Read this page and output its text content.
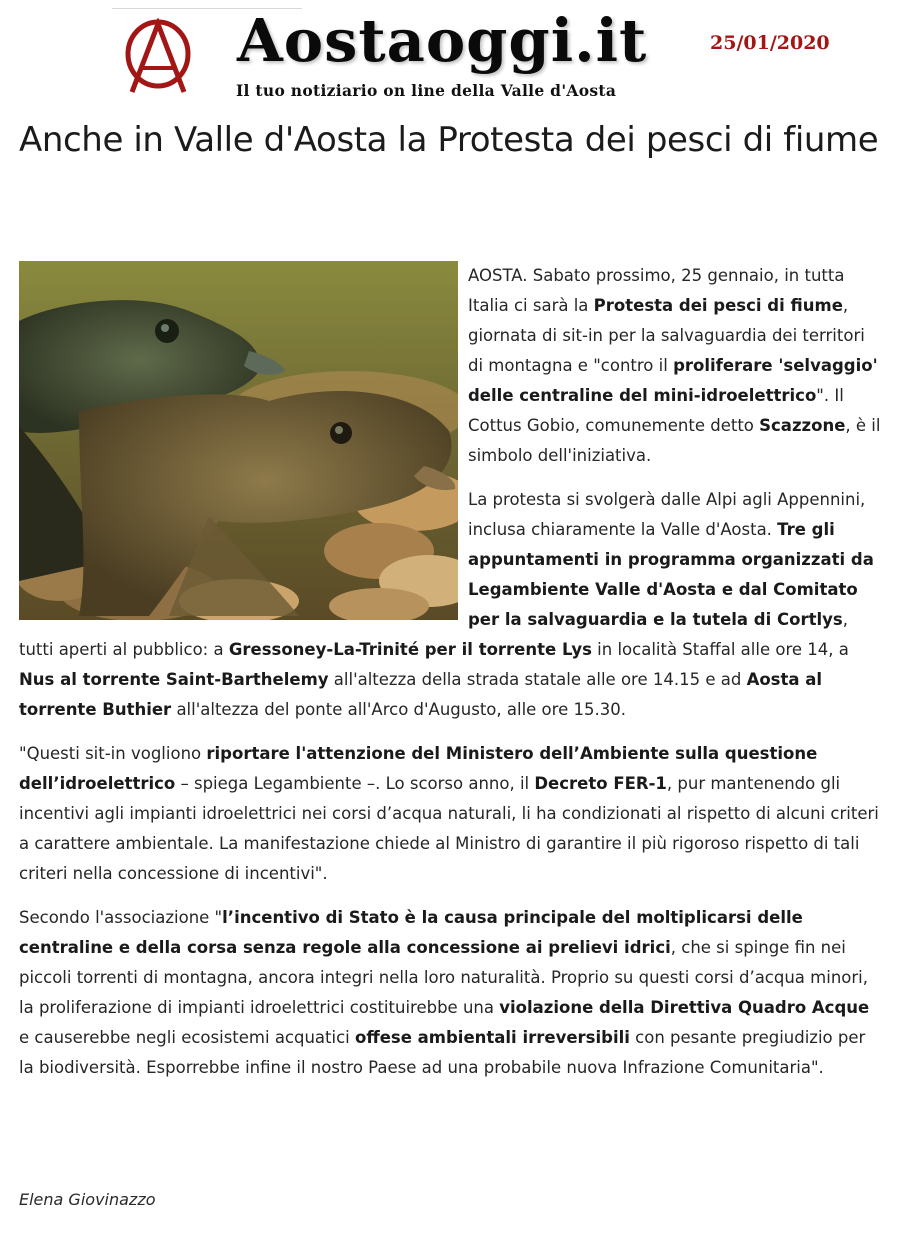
Aostaoggi.it
Il tuo notiziario on line della Valle d'Aosta
25/01/2020
Anche in Valle d'Aosta la Protesta dei pesci di fiume

AOSTA. Sabato prossimo, 25 gennaio, in tutta Italia ci sarà la Protesta dei pesci di fiume, giornata di sit-in per la salvaguardia dei territori di montagna e "contro il proliferare 'selvaggio' delle centraline del mini-idroelettrico". Il Cottus Gobio, comunemente detto Scazzone, è il simbolo dell'iniziativa.

La protesta si svolgerà dalle Alpi agli Appennini, inclusa chiaramente la Valle d'Aosta. Tre gli appuntamenti in programma organizzati da Legambiente Valle d'Aosta e dal Comitato per la salvaguardia e la tutela di Cortlys, tutti aperti al pubblico: a Gressoney-La-Trinité per il torrente Lys in località Staffal alle ore 14, a Nus al torrente Saint-Barthelemy all'altezza della strada statale alle ore 14.15 e ad Aosta al torrente Buthier all'altezza del ponte all'Arco d'Augusto, alle ore 15.30.

"Questi sit-in vogliono riportare l'attenzione del Ministero dell’Ambiente sulla questione dell’idroelettrico – spiega Legambiente –. Lo scorso anno, il Decreto FER-1, pur mantenendo gli incentivi agli impianti idroelettrici nei corsi d’acqua naturali, li ha condizionati al rispetto di alcuni criteri a carattere ambientale. La manifestazione chiede al Ministro di garantire il più rigoroso rispetto di tali criteri nella concessione di incentivi".

Secondo l'associazione "l’incentivo di Stato è la causa principale del moltiplicarsi delle centraline e della corsa senza regole alla concessione ai prelievi idrici, che si spinge fin nei piccoli torrenti di montagna, ancora integri nella loro naturalità. Proprio su questi corsi d’acqua minori, la proliferazione di impianti idroelettrici costituirebbe una violazione della Direttiva Quadro Acque e causerebbe negli ecosistemi acquatici offese ambientali irreversibili con pesante pregiudizio per la biodiversità. Esporrebbe infine il nostro Paese ad una probabile nuova Infrazione Comunitaria".

Elena Giovinazzo
